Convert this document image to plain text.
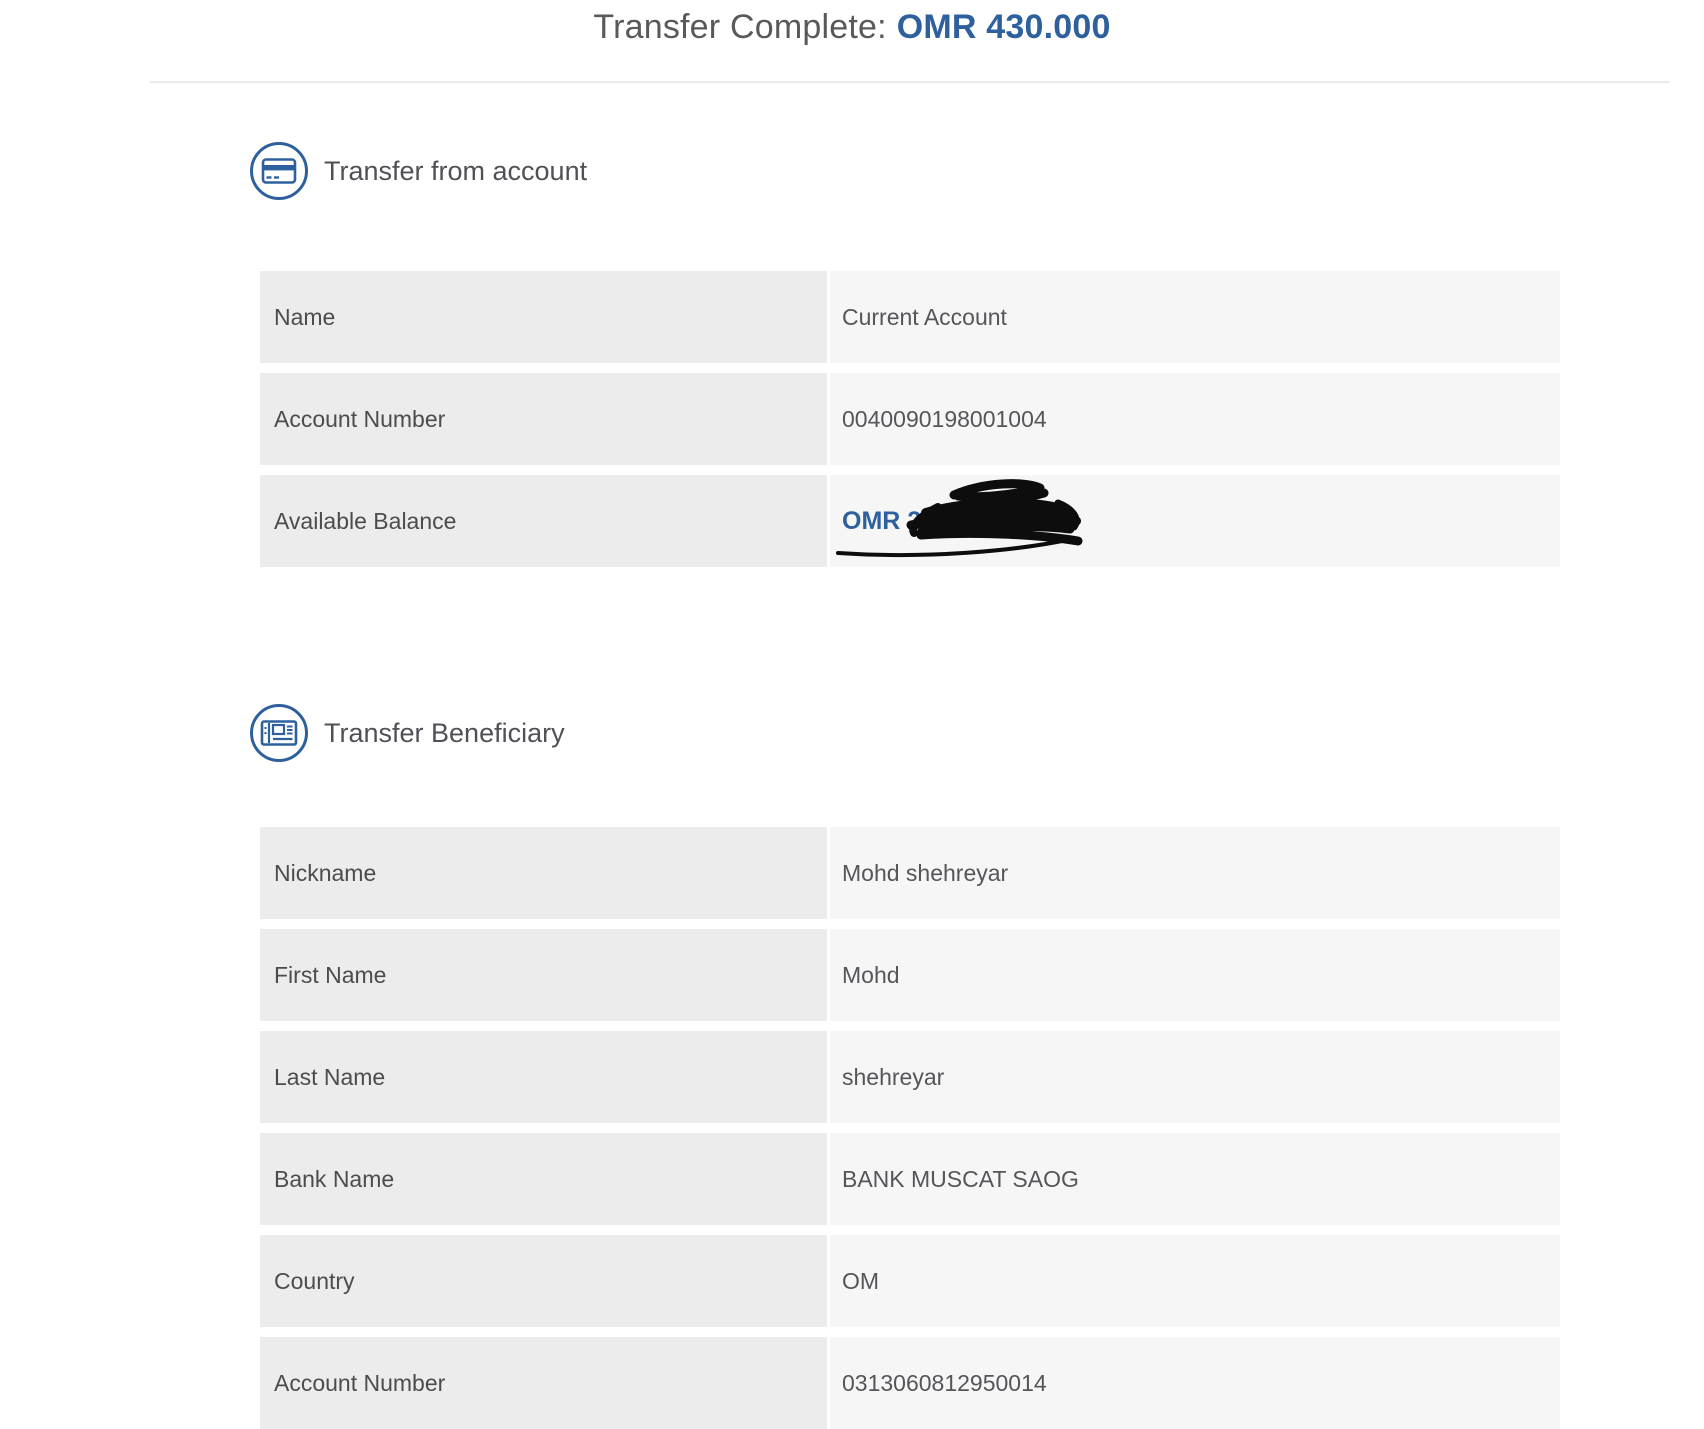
Transfer Complete: OMR 430.000
Transfer from account
Name	Current Account
Account Number	0040090198001004
Available Balance	OMR 2,5
Transfer Beneficiary
Nickname	Mohd shehreyar
First Name	Mohd
Last Name	shehreyar
Bank Name	BANK MUSCAT SAOG
Country	OM
Account Number	0313060812950014
